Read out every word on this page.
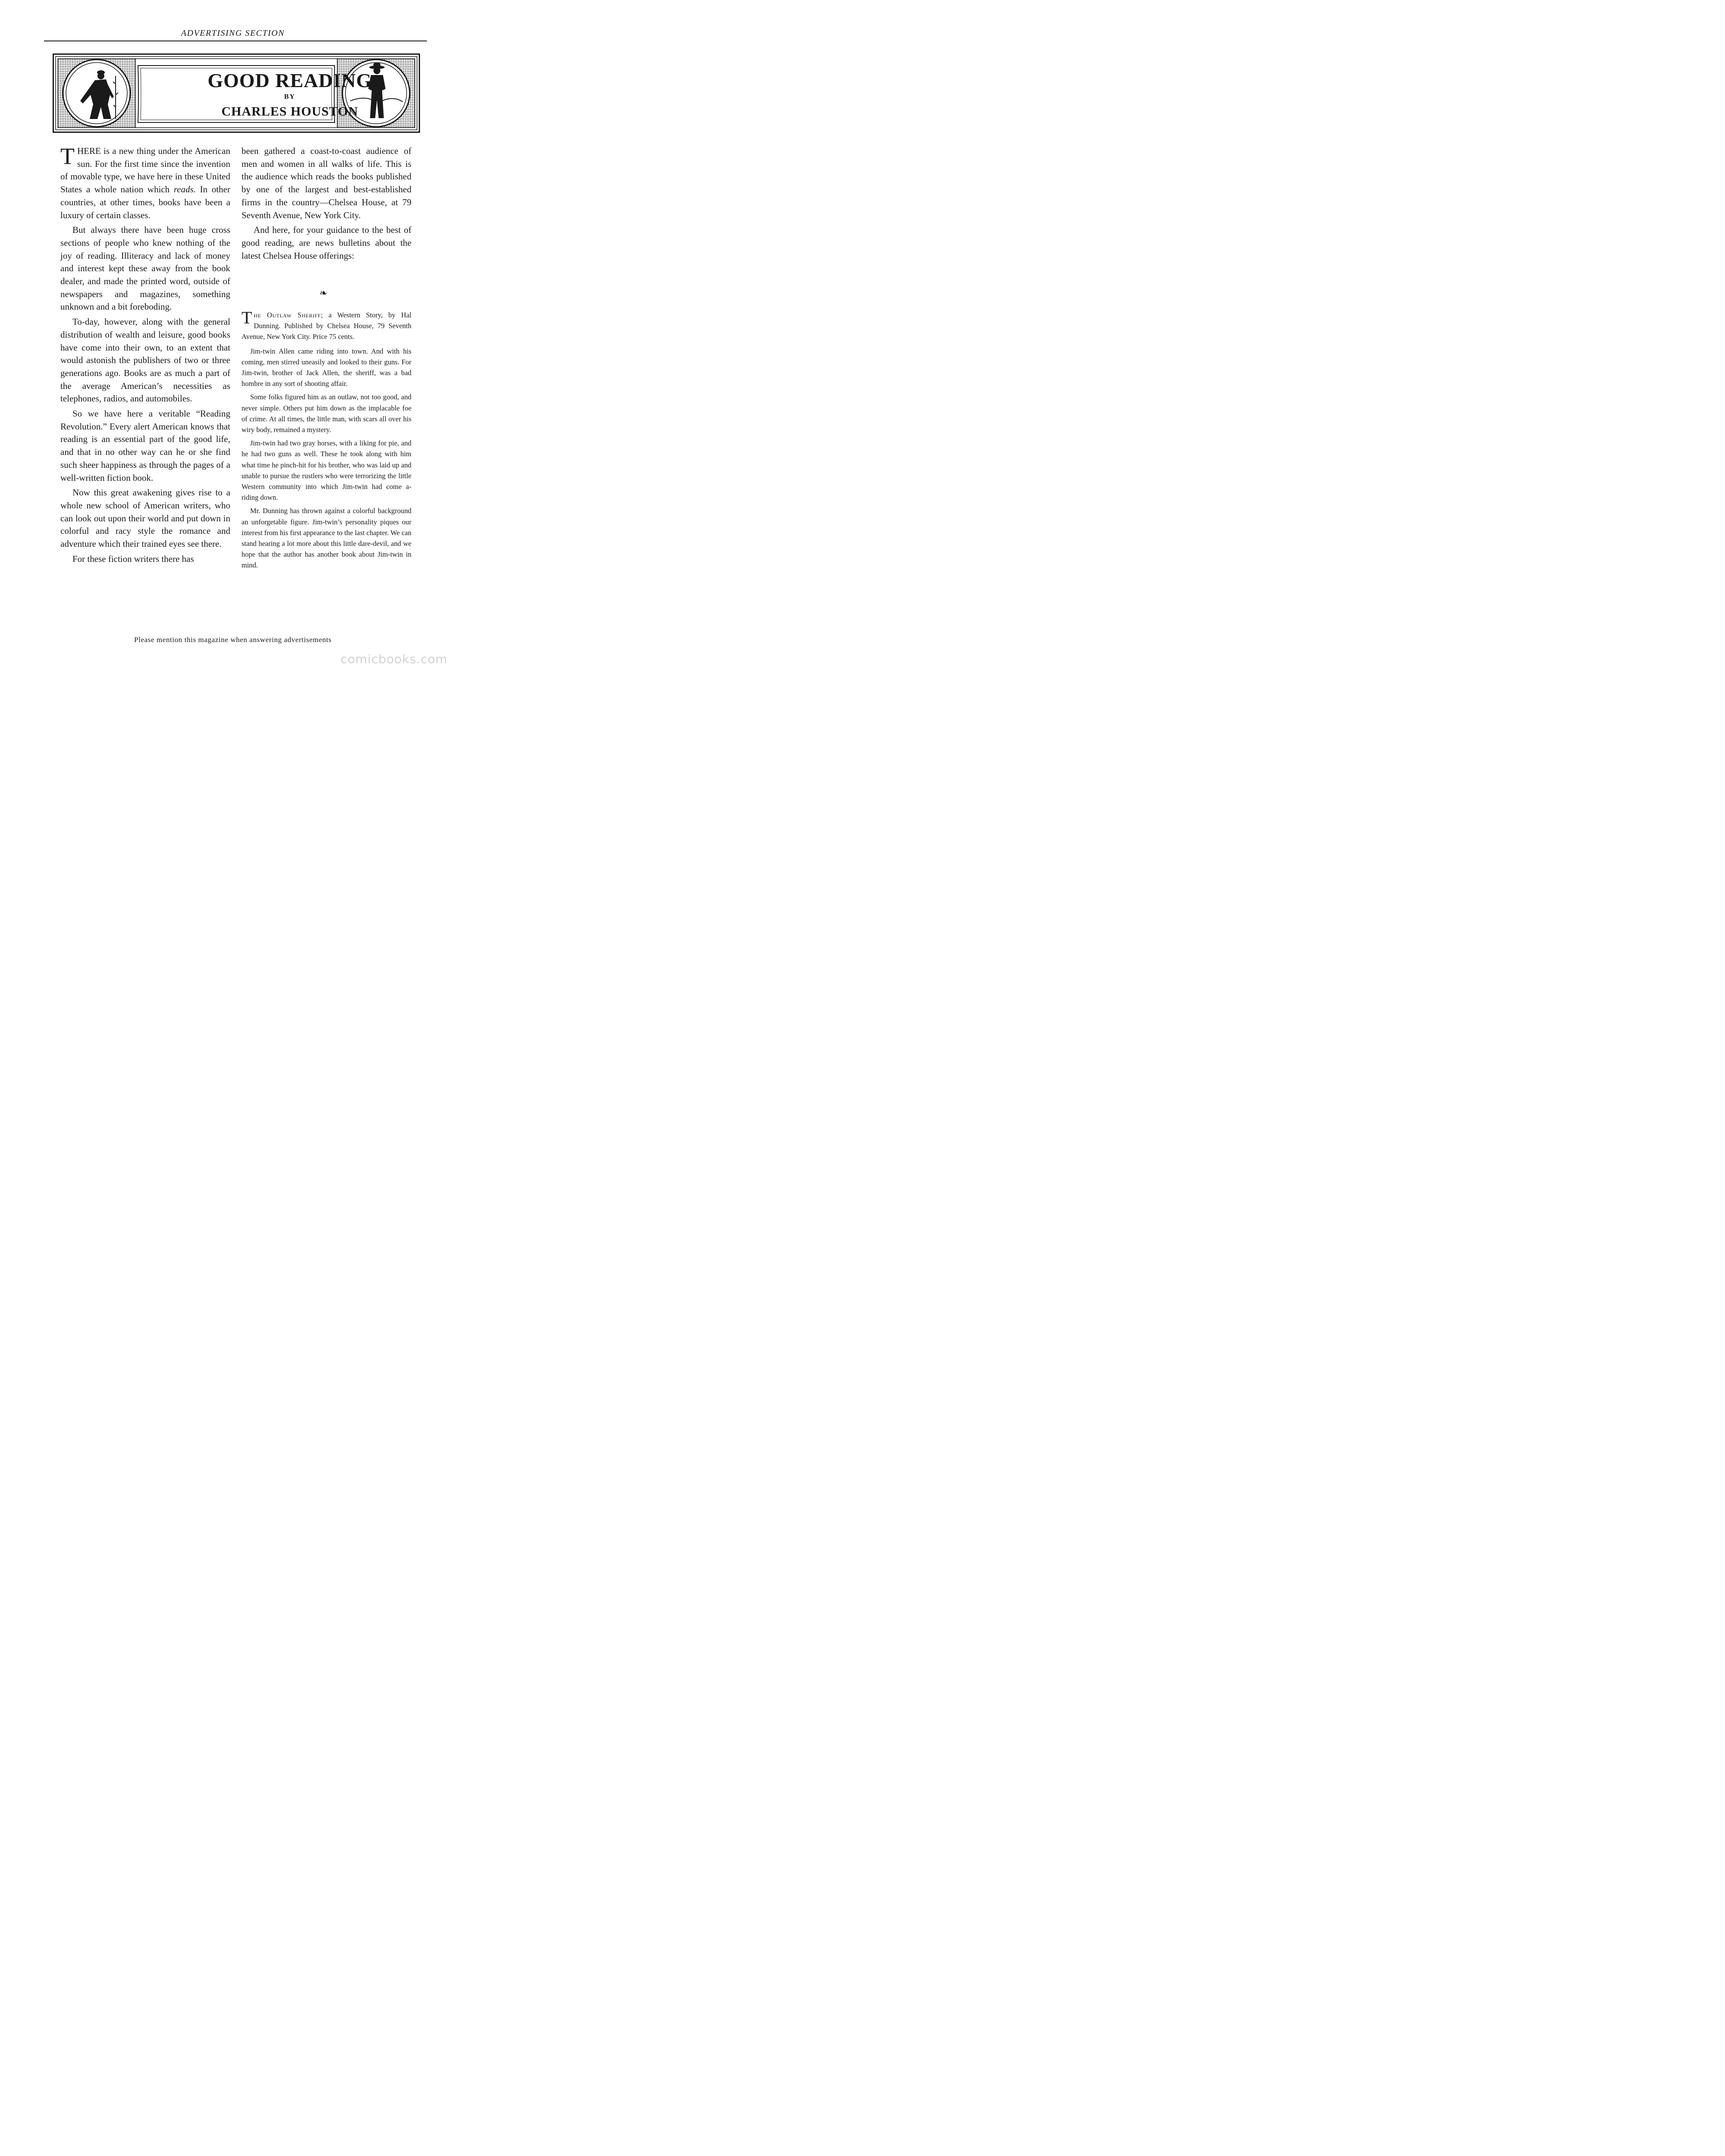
ADVERTISING SECTION
GOOD READING
BY
CHARLES HOUSTON

THERE is a new thing under the American sun. For the first time since the invention of movable type, we have here in these United States a whole nation which reads. In other countries, at other times, books have been a luxury of certain classes.

But always there have been huge cross sections of people who knew nothing of the joy of reading. Illiteracy and lack of money and interest kept these away from the book dealer, and made the printed word, outside of newspapers and magazines, something unknown and a bit foreboding.

To-day, however, along with the general distribution of wealth and leisure, good books have come into their own, to an extent that would astonish the publishers of two or three generations ago. Books are as much a part of the average American’s necessities as telephones, radios, and automobiles.

So we have here a veritable “Reading Revolution.” Every alert American knows that reading is an essential part of the good life, and that in no other way can he or she find such sheer happiness as through the pages of a well-written fiction book.

Now this great awakening gives rise to a whole new school of American writers, who can look out upon their world and put down in colorful and racy style the romance and adventure which their trained eyes see there.

For these fiction writers there has

been gathered a coast-to-coast audience of men and women in all walks of life. This is the audience which reads the books published by one of the largest and best-established firms in the country—Chelsea House, at 79 Seventh Avenue, New York City.

And here, for your guidance to the best of good reading, are news bulletins about the latest Chelsea House offerings:

❧

The Outlaw Sheriff; a Western Story, by Hal Dunning. Published by Chelsea House, 79 Seventh Avenue, New York City. Price 75 cents.

Jim-twin Allen came riding into town. And with his coming, men stirred uneasily and looked to their guns. For Jim-twin, brother of Jack Allen, the sheriff, was a bad hombre in any sort of shooting affair.

Some folks figured him as an outlaw, not too good, and never simple. Others put him down as the implacable foe of crime. At all times, the little man, with scars all over his wiry body, remained a mystery.

Jim-twin had two gray horses, with a liking for pie, and he had two guns as well. These he took along with him what time he pinch-hit for his brother, who was laid up and unable to pursue the rustlers who were terrorizing the little Western community into which Jim-twin had come a-riding down.

Mr. Dunning has thrown against a colorful background an unforgetable figure. Jim-twin’s personality piques our interest from his first appearance to the last chapter. We can stand hearing a lot more about this little dare-devil, and we hope that the author has another book about Jim-twin in mind.

Please mention this magazine when answering advertisements
comicbooks.com
